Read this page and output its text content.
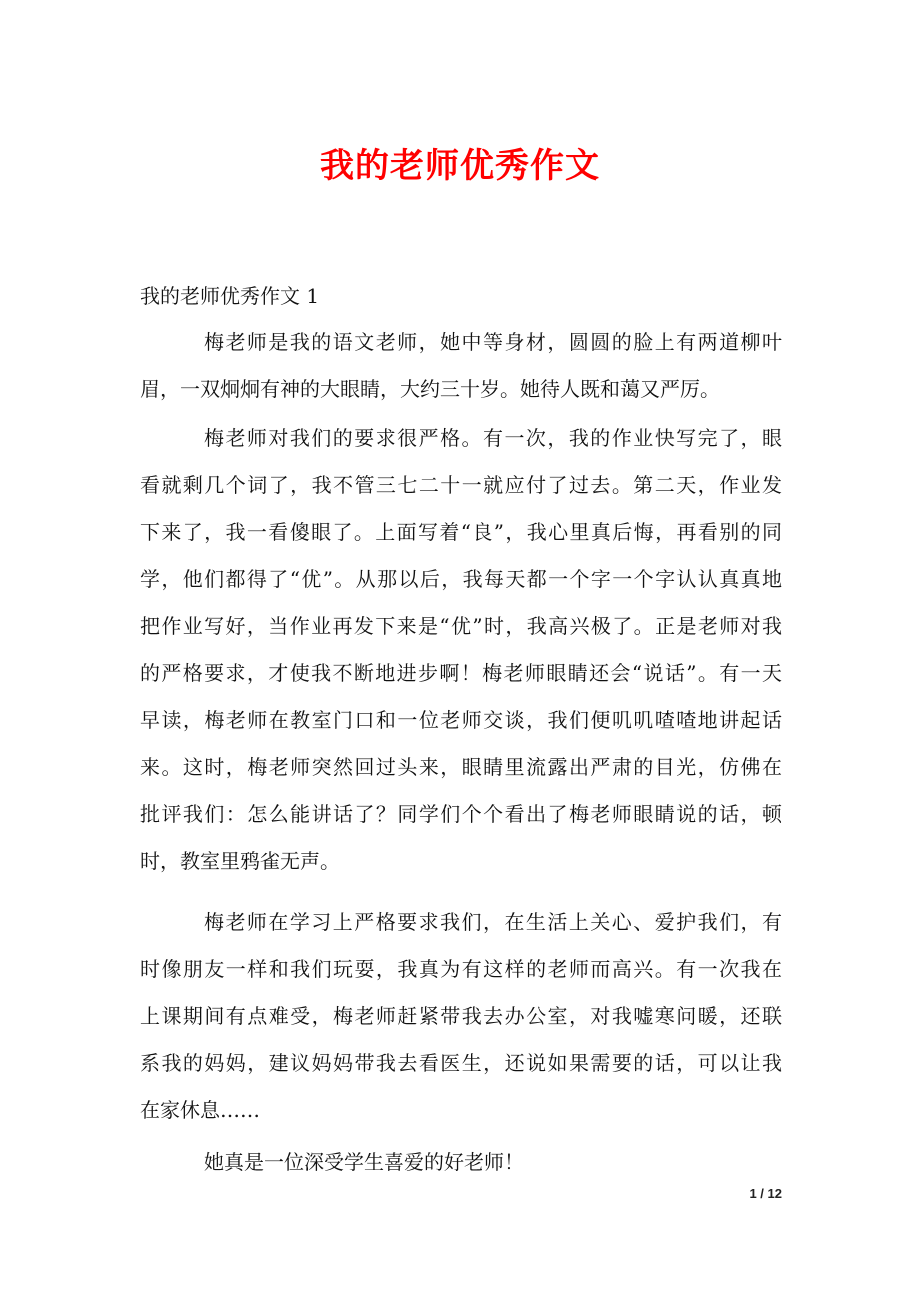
我的老师优秀作文
我的老师优秀作文 1
梅老师是我的语文老师，她中等身材，圆圆的脸上有两道柳叶
眉，一双炯炯有神的大眼睛，大约三十岁。她待人既和蔼又严厉。
梅老师对我们的要求很严格。有一次，我的作业快写完了，眼
看就剩几个词了，我不管三七二十一就应付了过去。第二天，作业发
下来了，我一看傻眼了。上面写着“良”，我心里真后悔，再看别的同
学，他们都得了“优”。从那以后，我每天都一个字一个字认认真真地
把作业写好，当作业再发下来是“优”时，我高兴极了。正是老师对我
的严格要求，才使我不断地进步啊！梅老师眼睛还会“说话”。有一天
早读，梅老师在教室门口和一位老师交谈，我们便叽叽喳喳地讲起话
来。这时，梅老师突然回过头来，眼睛里流露出严肃的目光，仿佛在
批评我们：怎么能讲话了？同学们个个看出了梅老师眼睛说的话，顿
时，教室里鸦雀无声。
梅老师在学习上严格要求我们，在生活上关心、爱护我们，有
时像朋友一样和我们玩耍，我真为有这样的老师而高兴。有一次我在
上课期间有点难受，梅老师赶紧带我去办公室，对我嘘寒问暖，还联
系我的妈妈，建议妈妈带我去看医生，还说如果需要的话，可以让我
在家休息……
她真是一位深受学生喜爱的好老师！
1 / 12
